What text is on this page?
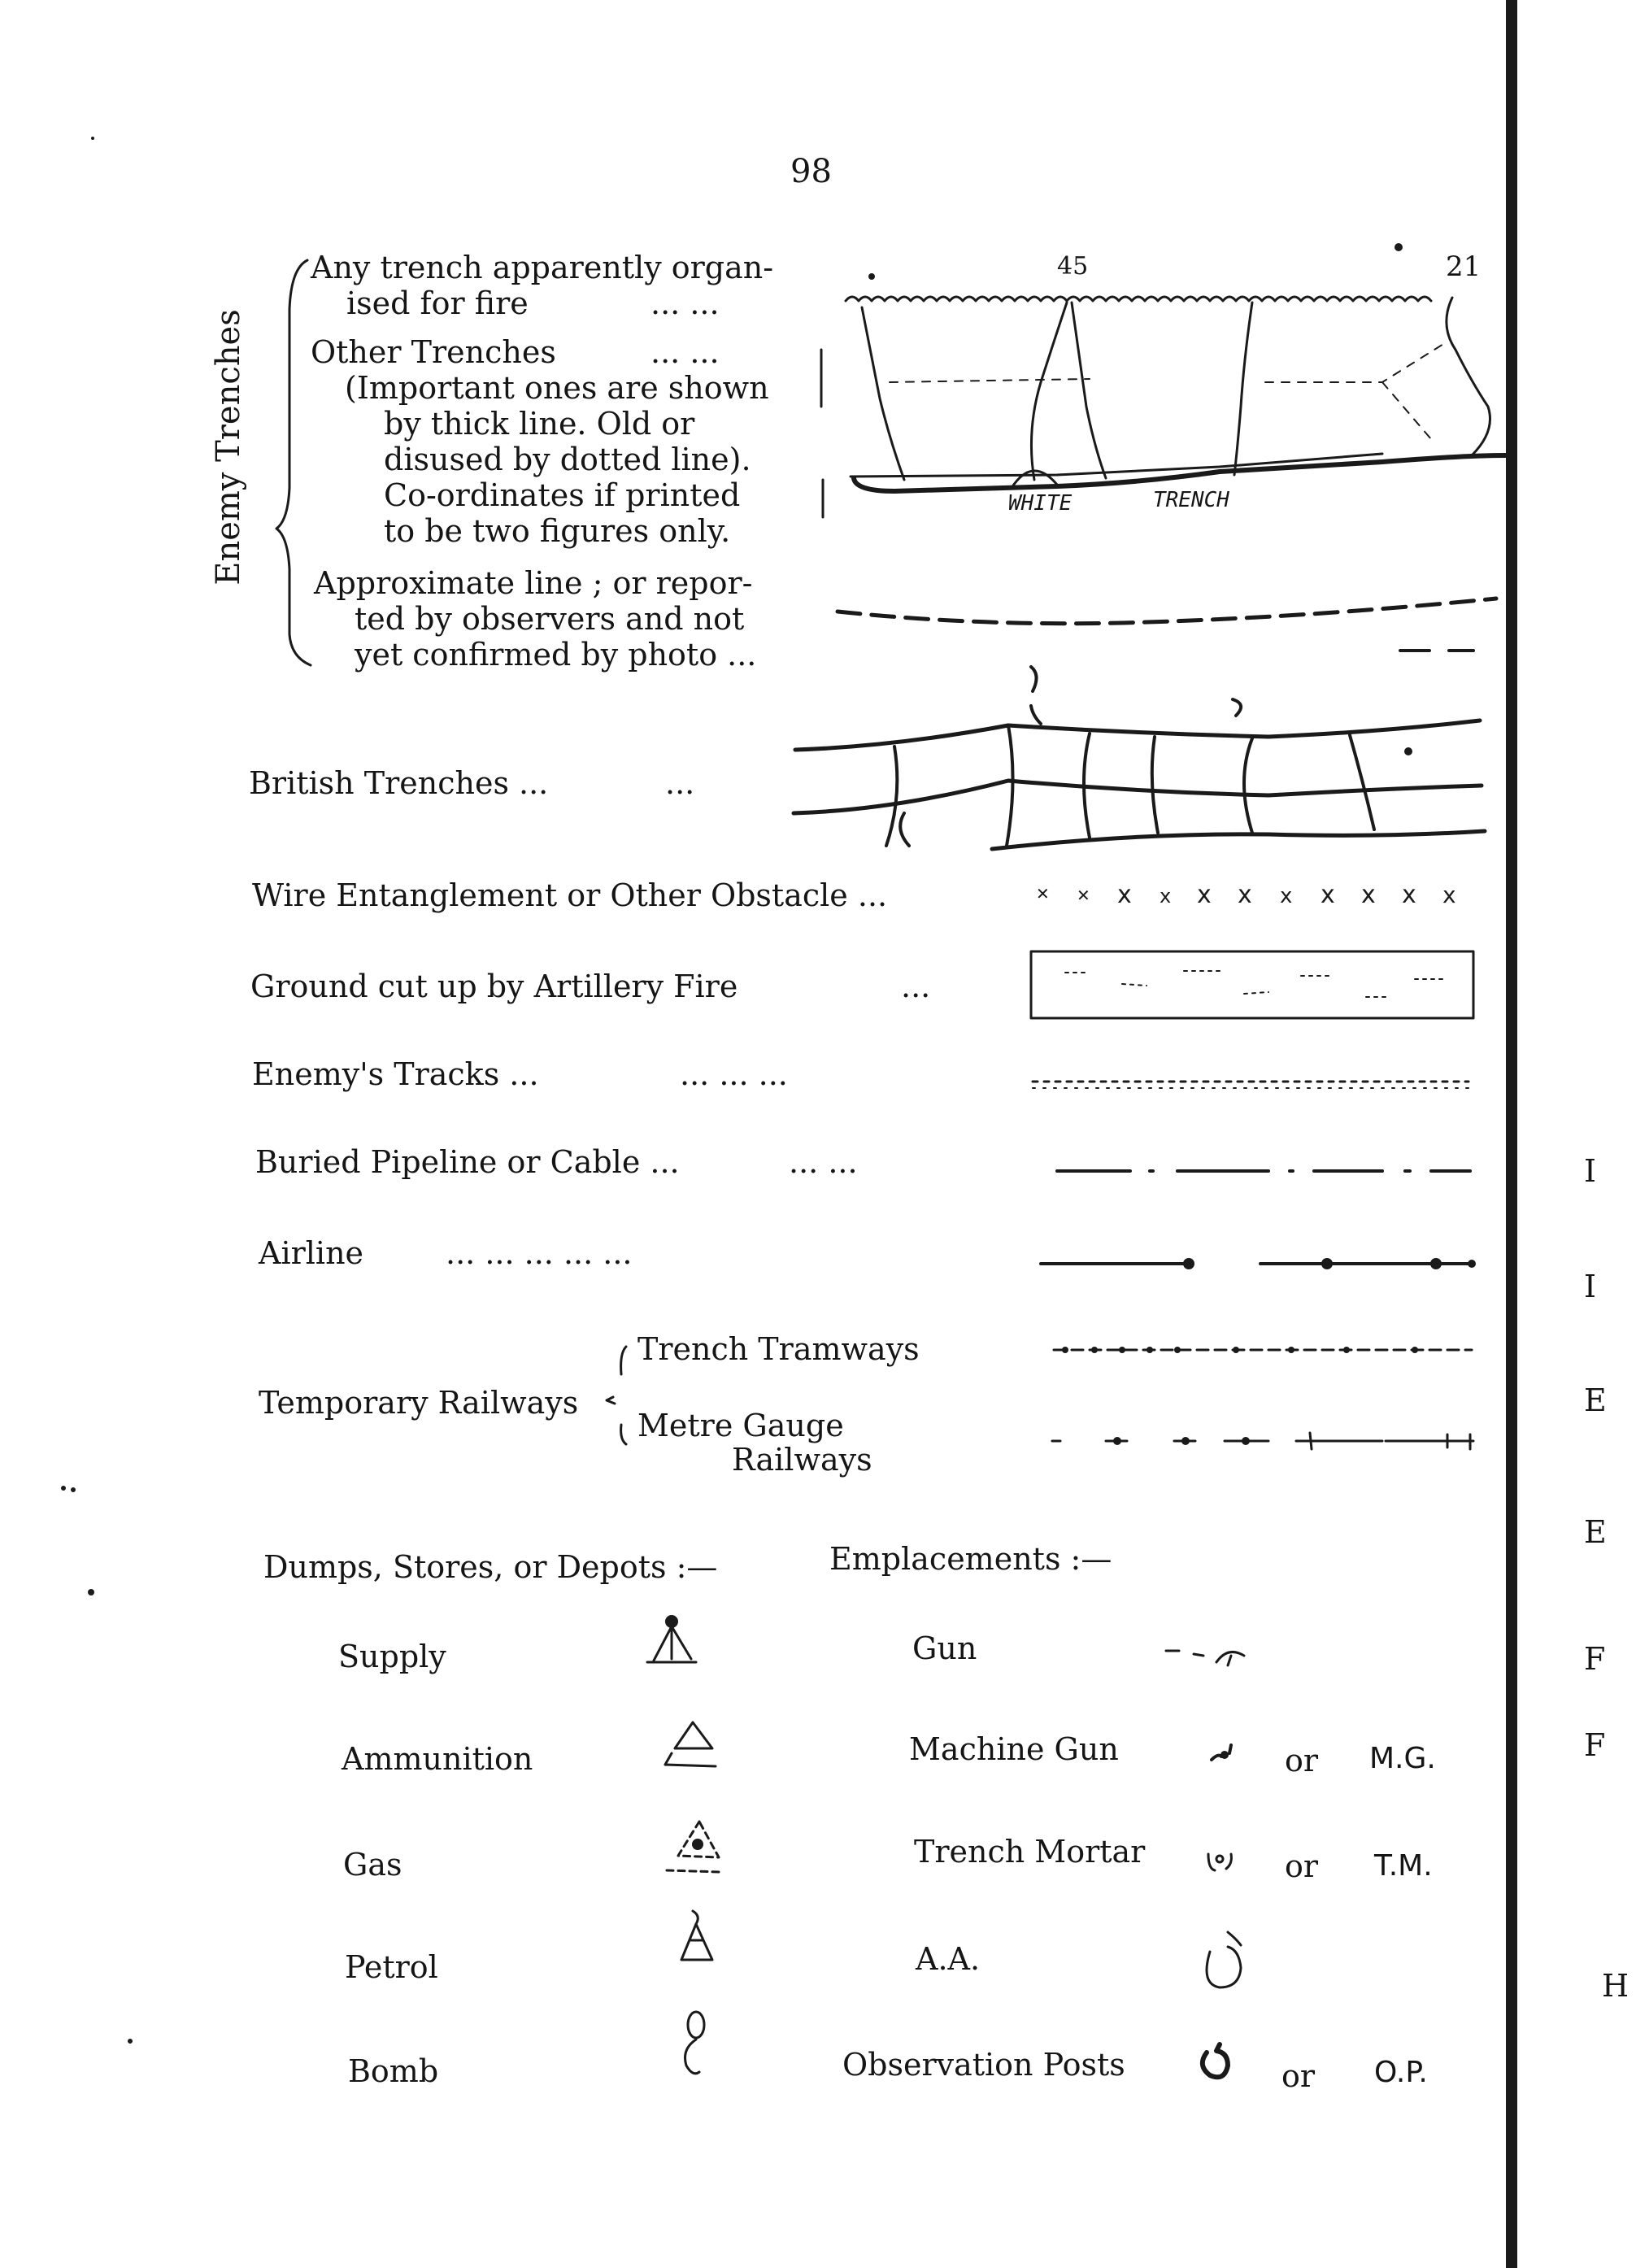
98
I
I
E
E
F
F
H
Enemy Trenches
Any trench apparently organ-
ised for fire	... ...
Other Trenches	... ...
(Important ones are shown
by thick line. Old or
disused by dotted line).
Co-ordinates if printed
to be two figures only.
Approximate line ; or repor-
ted by observers and not
yet confirmed by photo ...
45	21
WHITE	TRENCH
British Trenches ...	...
Wire Entanglement or Other Obstacle ...
Ground cut up by Artillery Fire	...
Enemy's Tracks ...	... ... ...
Buried Pipeline or Cable ...	... ...
Airline	... ... ... ... ...
Temporary Railways
Trench Tramways
Metre Gauge
Railways
Dumps, Stores, or Depots :—
Supply
Ammunition
Gas
Petrol
Bomb
Emplacements :—
Gun
Machine Gun	or M.G.
Trench Mortar	or T.M.
A.A.
Observation Posts	or O.P.
✕ ✕ x x x x x x x x x
